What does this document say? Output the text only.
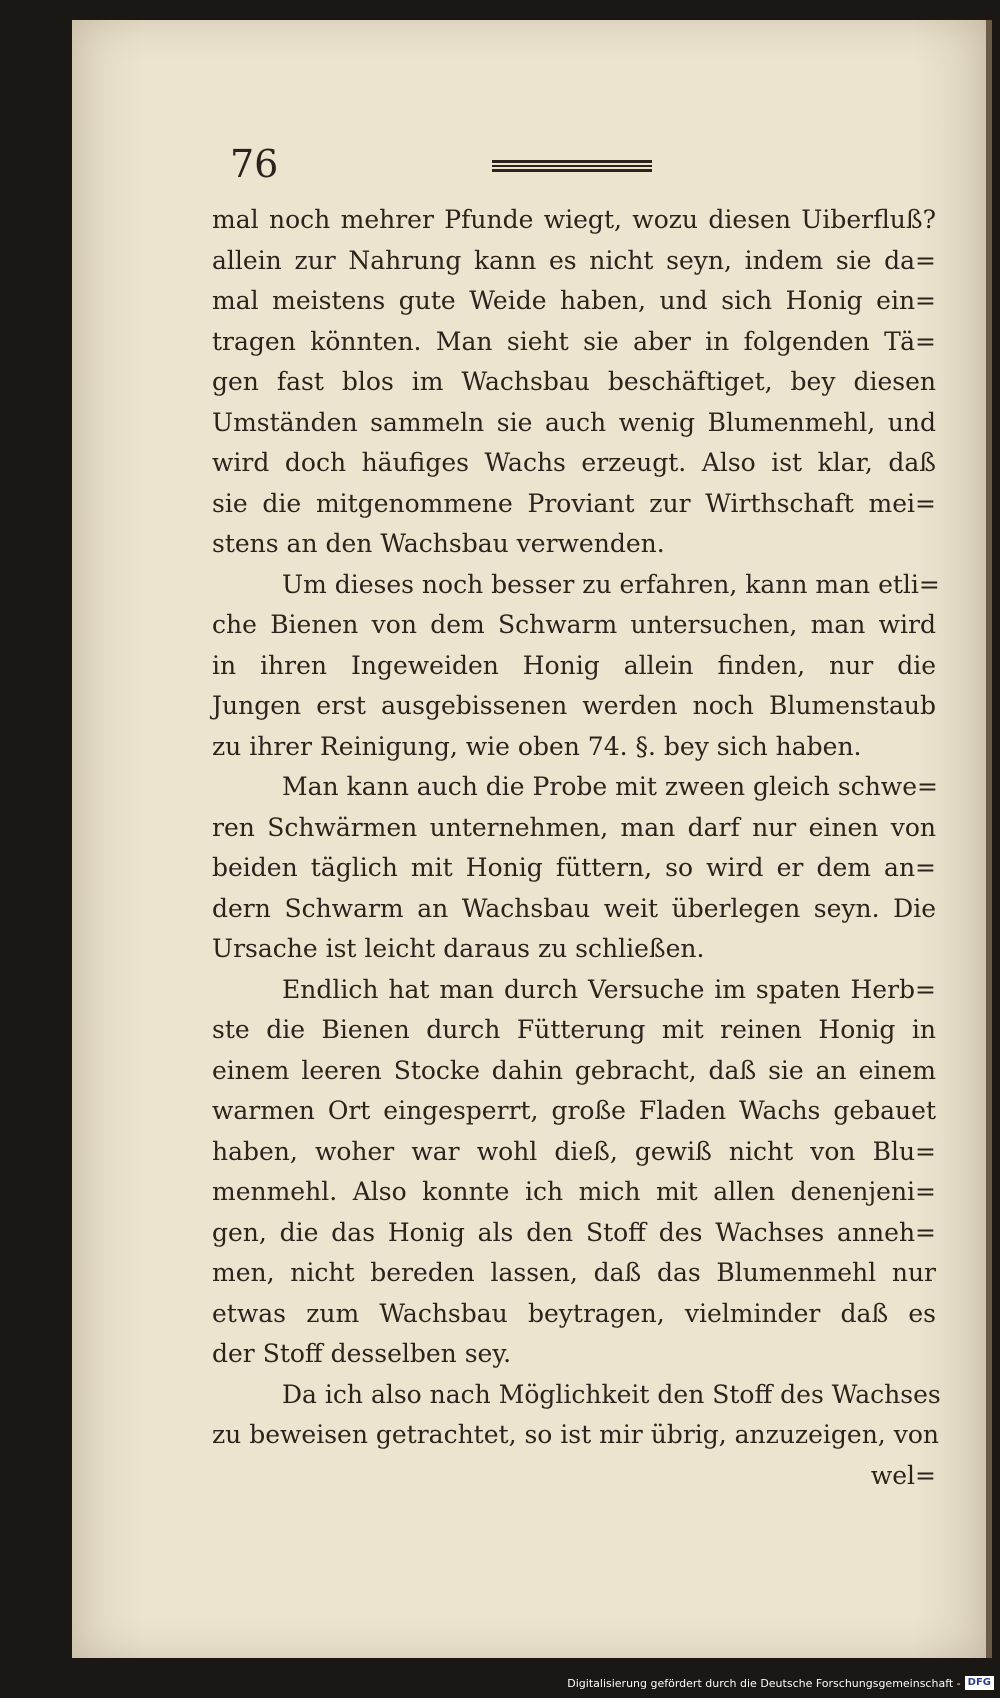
76
mal noch mehrer Pfunde wiegt, wozu diesen Uiberfluß?
allein zur Nahrung kann es nicht seyn, indem sie da=
mal meistens gute Weide haben, und sich Honig ein=
tragen könnten. Man sieht sie aber in folgenden Tä=
gen fast blos im Wachsbau beschäftiget, bey diesen
Umständen sammeln sie auch wenig Blumenmehl, und
wird doch häufiges Wachs erzeugt. Also ist klar, daß
sie die mitgenommene Proviant zur Wirthschaft mei=
stens an den Wachsbau verwenden.
Um dieses noch besser zu erfahren, kann man etli=
che Bienen von dem Schwarm untersuchen, man wird
in ihren Ingeweiden Honig allein finden, nur die
Jungen erst ausgebissenen werden noch Blumenstaub
zu ihrer Reinigung, wie oben 74. §. bey sich haben.
Man kann auch die Probe mit zween gleich schwe=
ren Schwärmen unternehmen, man darf nur einen von
beiden täglich mit Honig füttern, so wird er dem an=
dern Schwarm an Wachsbau weit überlegen seyn. Die
Ursache ist leicht daraus zu schließen.
Endlich hat man durch Versuche im spaten Herb=
ste die Bienen durch Fütterung mit reinen Honig in
einem leeren Stocke dahin gebracht, daß sie an einem
warmen Ort eingesperrt, große Fladen Wachs gebauet
haben, woher war wohl dieß, gewiß nicht von Blu=
menmehl. Also konnte ich mich mit allen denenjeni=
gen, die das Honig als den Stoff des Wachses anneh=
men, nicht bereden lassen, daß das Blumenmehl nur
etwas zum Wachsbau beytragen, vielminder daß es
der Stoff desselben sey.
Da ich also nach Möglichkeit den Stoff des Wachses
zu beweisen getrachtet, so ist mir übrig, anzuzeigen, von
wel=
Digitalisierung gefördert durch die Deutsche Forschungsgemeinschaft - DFG
